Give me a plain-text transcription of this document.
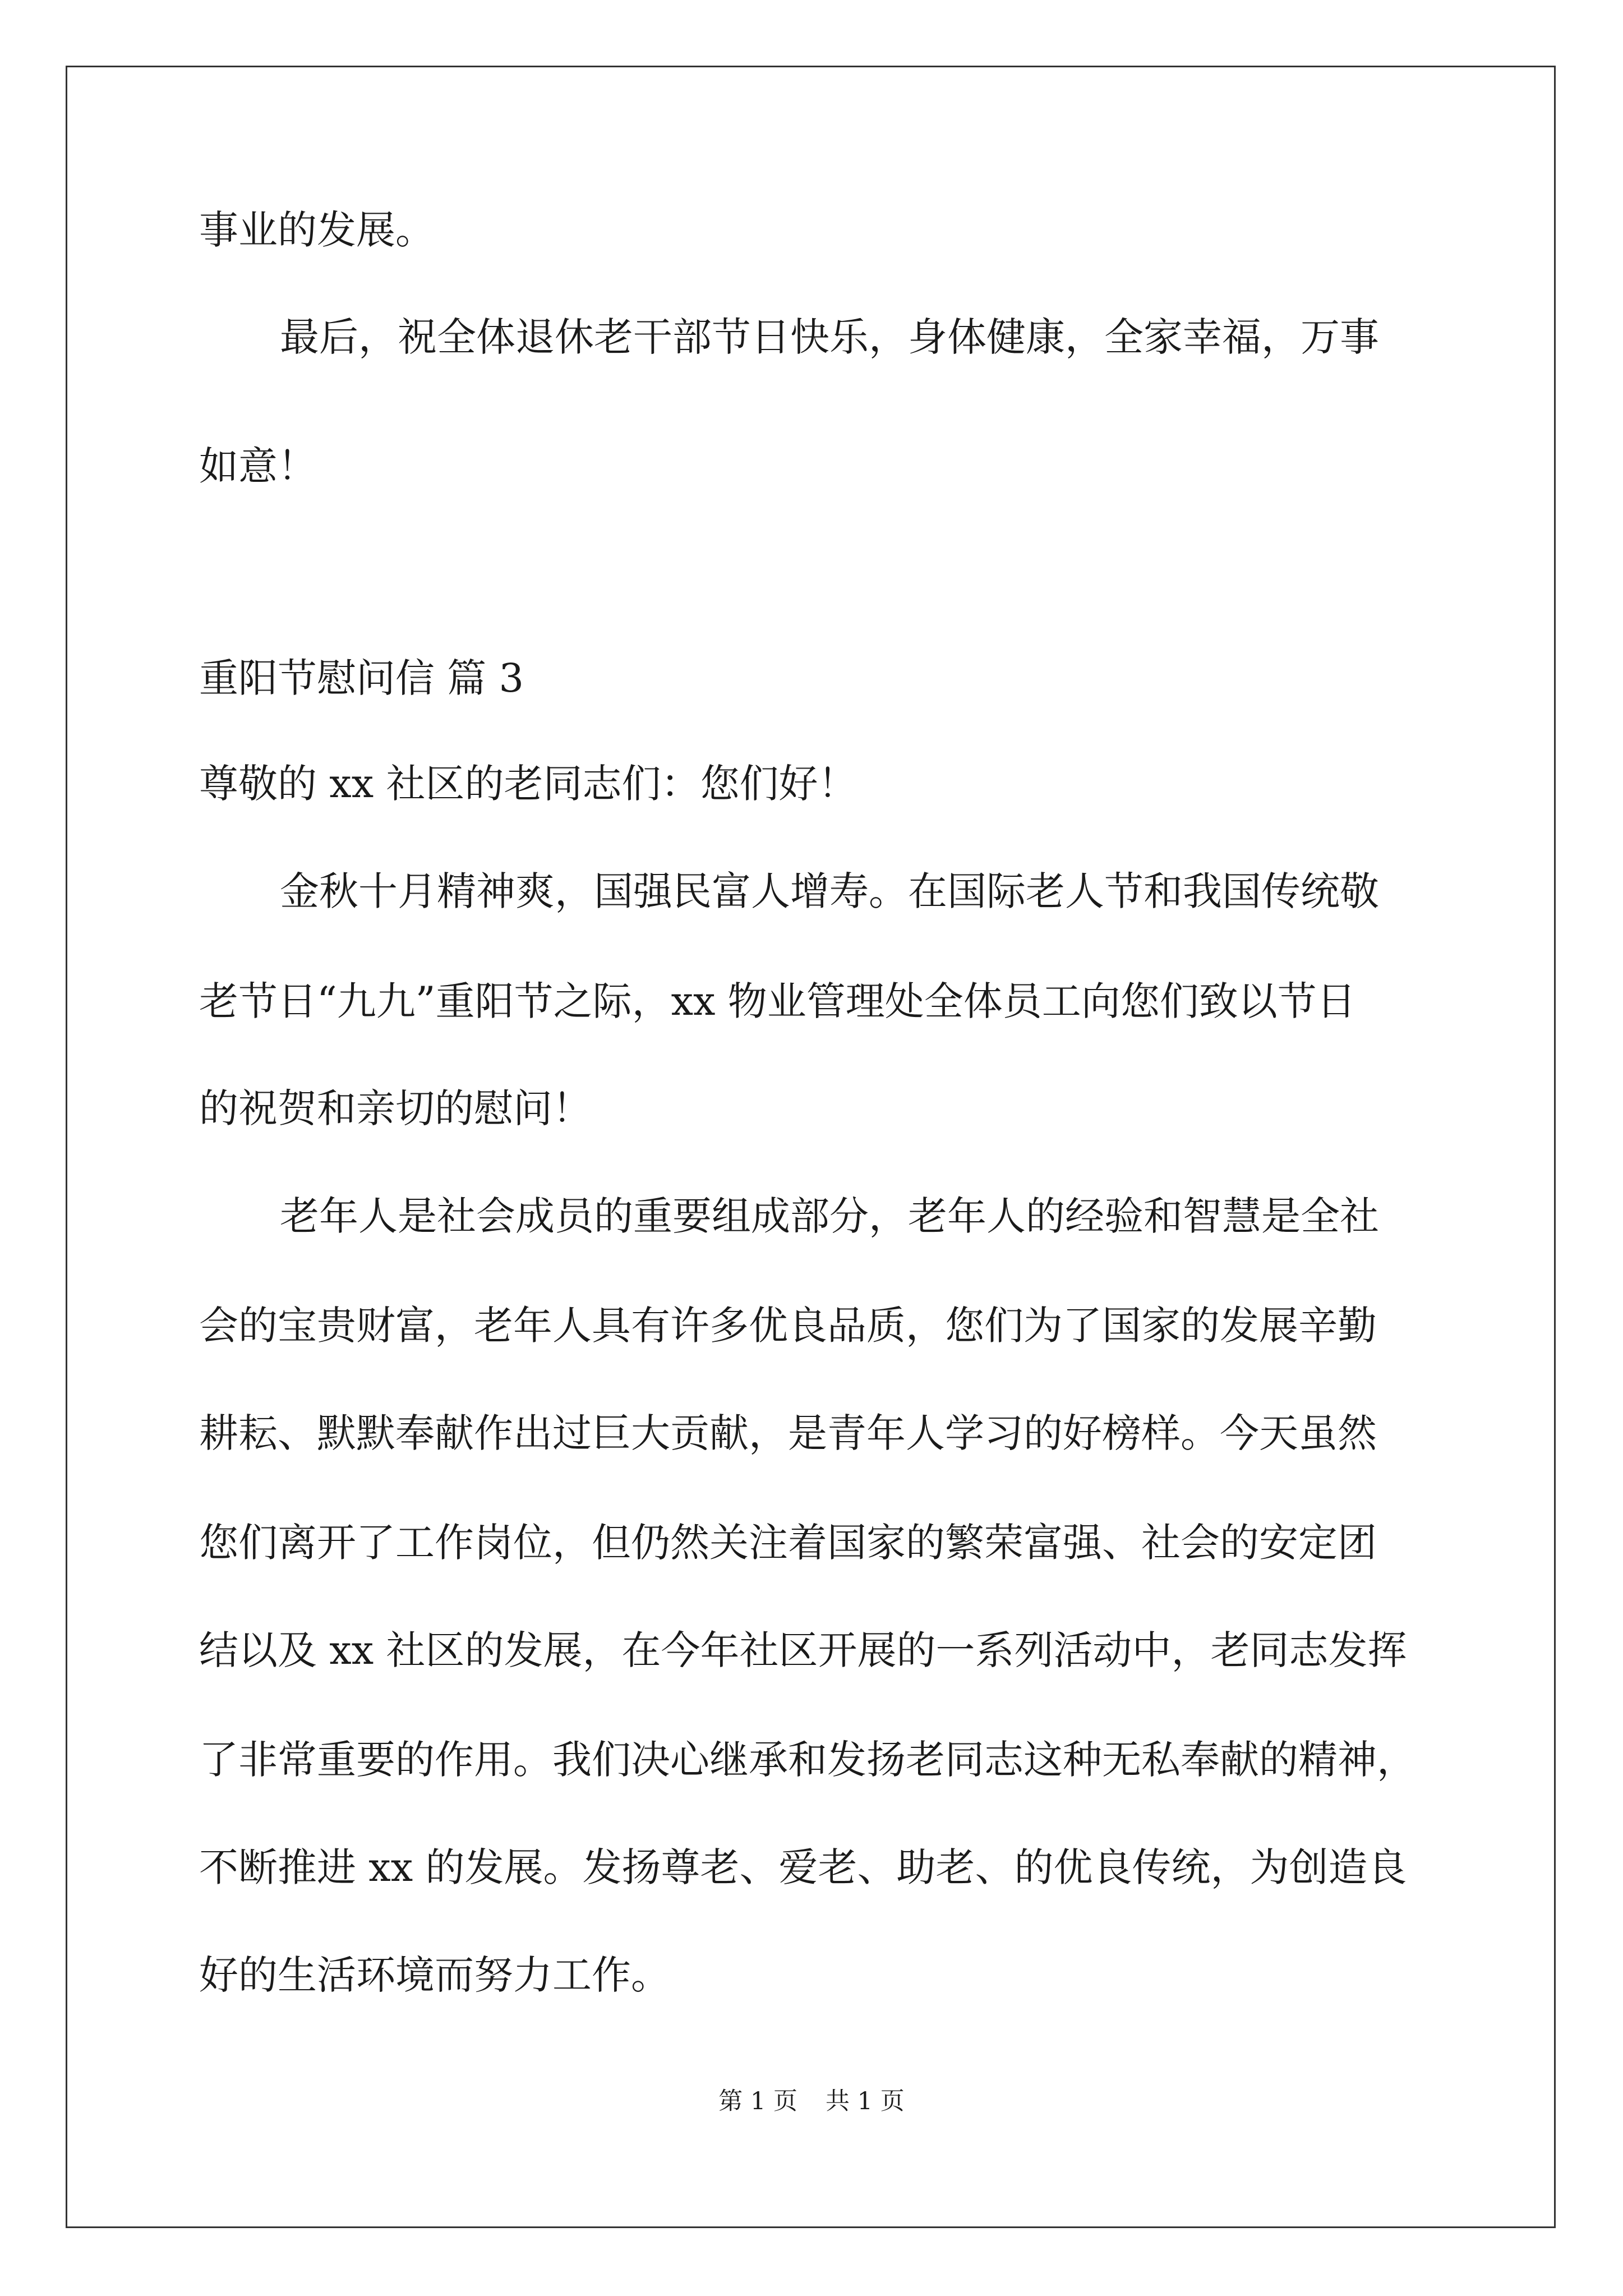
事业的发展。
最后，祝全体退休老干部节日快乐，身体健康，全家幸福，万事
如意！
重阳节慰问信 篇 3
尊敬的 xx 社区的老同志们：您们好！
金秋十月精神爽，国强民富人增寿。在国际老人节和我国传统敬
老节日“九九”重阳节之际，xx 物业管理处全体员工向您们致以节日
的祝贺和亲切的慰问！
老年人是社会成员的重要组成部分，老年人的经验和智慧是全社
会的宝贵财富，老年人具有许多优良品质，您们为了国家的发展辛勤
耕耘、默默奉献作出过巨大贡献，是青年人学习的好榜样。今天虽然
您们离开了工作岗位，但仍然关注着国家的繁荣富强、社会的安定团
结以及 xx 社区的发展，在今年社区开展的一系列活动中，老同志发挥
了非常重要的作用。我们决心继承和发扬老同志这种无私奉献的精神，
不断推进 xx 的发展。发扬尊老、爱老、助老、的优良传统，为创造良
好的生活环境而努力工作。
第 1 页 共 1 页
